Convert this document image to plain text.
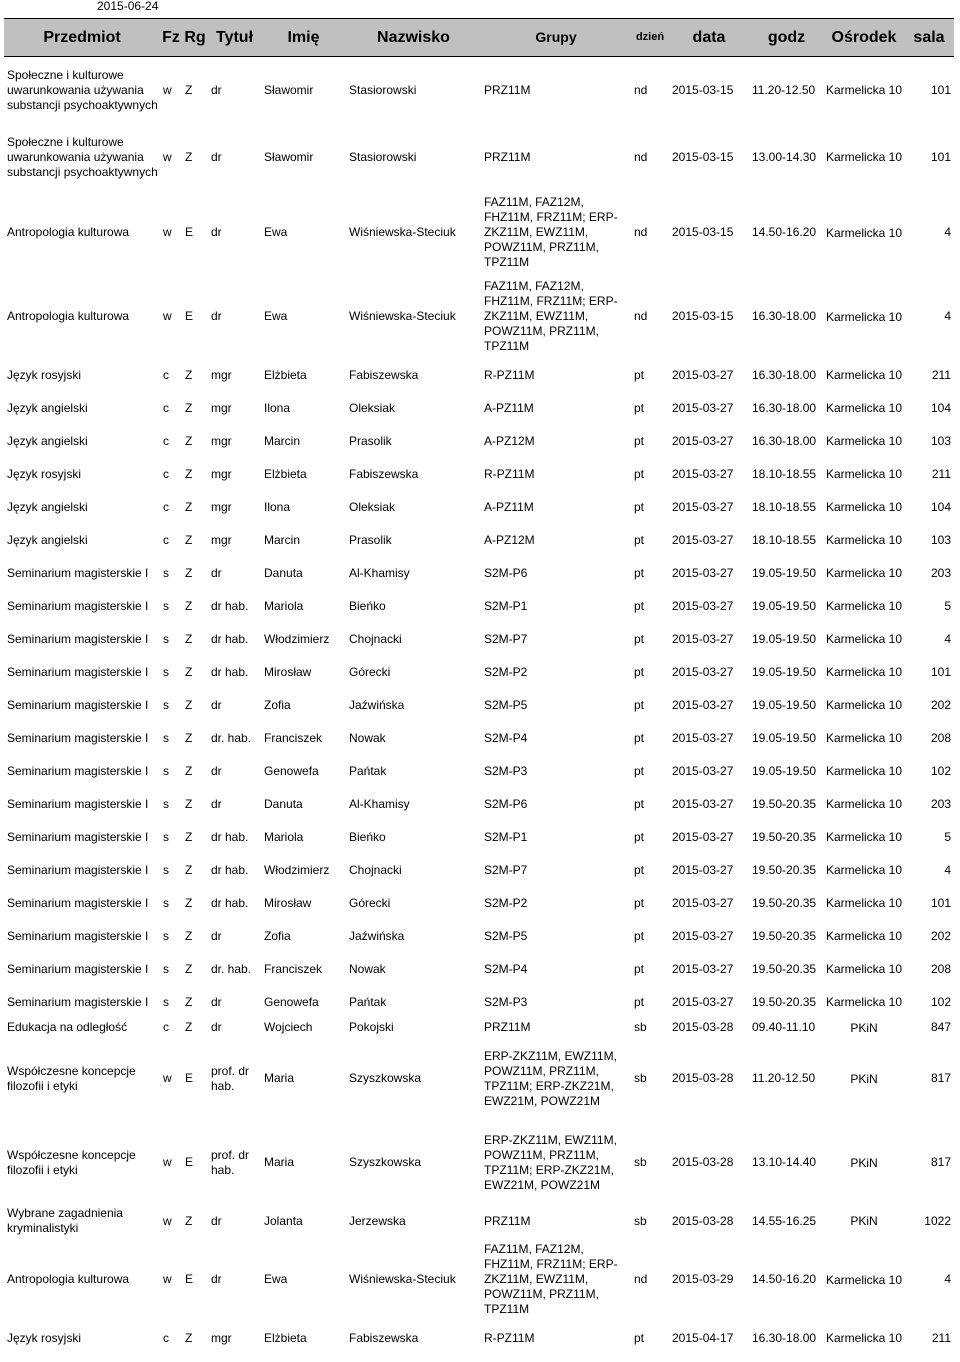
2015-06-24
Przedmiot	Fz	Rg	Tytuł	Imię	Nazwisko	Grupy	dzień	data	godz	Ośrodek	sala
Społeczne i kulturowe uwarunkowania używania substancji psychoaktywnych	w	Z	dr	Sławomir	Stasiorowski	PRZ11M	nd	2015-03-15	11.20-12.50	Karmelicka 10	101
Społeczne i kulturowe uwarunkowania używania substancji psychoaktywnych	w	Z	dr	Sławomir	Stasiorowski	PRZ11M	nd	2015-03-15	13.00-14.30	Karmelicka 10	101
Antropologia kulturowa	w	E	dr	Ewa	Wiśniewska-Steciuk	FAZ11M, FAZ12M, FHZ11M, FRZ11M; ERP-ZKZ11M, EWZ11M, POWZ11M, PRZ11M, TPZ11M	nd	2015-03-15	14.50-16.20	Karmelicka 10	4
Antropologia kulturowa	w	E	dr	Ewa	Wiśniewska-Steciuk	FAZ11M, FAZ12M, FHZ11M, FRZ11M; ERP-ZKZ11M, EWZ11M, POWZ11M, PRZ11M, TPZ11M	nd	2015-03-15	16.30-18.00	Karmelicka 10	4
Język rosyjski	c	Z	mgr	Elżbieta	Fabiszewska	R-PZ11M	pt	2015-03-27	16.30-18.00	Karmelicka 10	211
Język angielski	c	Z	mgr	Ilona	Oleksiak	A-PZ11M	pt	2015-03-27	16.30-18.00	Karmelicka 10	104
Język angielski	c	Z	mgr	Marcin	Prasolik	A-PZ12M	pt	2015-03-27	16.30-18.00	Karmelicka 10	103
Język rosyjski	c	Z	mgr	Elżbieta	Fabiszewska	R-PZ11M	pt	2015-03-27	18.10-18.55	Karmelicka 10	211
Język angielski	c	Z	mgr	Ilona	Oleksiak	A-PZ11M	pt	2015-03-27	18.10-18.55	Karmelicka 10	104
Język angielski	c	Z	mgr	Marcin	Prasolik	A-PZ12M	pt	2015-03-27	18.10-18.55	Karmelicka 10	103
Seminarium magisterskie I	s	Z	dr	Danuta	Al-Khamisy	S2M-P6	pt	2015-03-27	19.05-19.50	Karmelicka 10	203
Seminarium magisterskie I	s	Z	dr hab.	Mariola	Bieńko	S2M-P1	pt	2015-03-27	19.05-19.50	Karmelicka 10	5
Seminarium magisterskie I	s	Z	dr hab.	Włodzimierz	Chojnacki	S2M-P7	pt	2015-03-27	19.05-19.50	Karmelicka 10	4
Seminarium magisterskie I	s	Z	dr hab.	Mirosław	Górecki	S2M-P2	pt	2015-03-27	19.05-19.50	Karmelicka 10	101
Seminarium magisterskie I	s	Z	dr	Zofia	Jaźwińska	S2M-P5	pt	2015-03-27	19.05-19.50	Karmelicka 10	202
Seminarium magisterskie I	s	Z	dr. hab.	Franciszek	Nowak	S2M-P4	pt	2015-03-27	19.05-19.50	Karmelicka 10	208
Seminarium magisterskie I	s	Z	dr	Genowefa	Pańtak	S2M-P3	pt	2015-03-27	19.05-19.50	Karmelicka 10	102
Seminarium magisterskie I	s	Z	dr	Danuta	Al-Khamisy	S2M-P6	pt	2015-03-27	19.50-20.35	Karmelicka 10	203
Seminarium magisterskie I	s	Z	dr hab.	Mariola	Bieńko	S2M-P1	pt	2015-03-27	19.50-20.35	Karmelicka 10	5
Seminarium magisterskie I	s	Z	dr hab.	Włodzimierz	Chojnacki	S2M-P7	pt	2015-03-27	19.50-20.35	Karmelicka 10	4
Seminarium magisterskie I	s	Z	dr hab.	Mirosław	Górecki	S2M-P2	pt	2015-03-27	19.50-20.35	Karmelicka 10	101
Seminarium magisterskie I	s	Z	dr	Zofia	Jaźwińska	S2M-P5	pt	2015-03-27	19.50-20.35	Karmelicka 10	202
Seminarium magisterskie I	s	Z	dr. hab.	Franciszek	Nowak	S2M-P4	pt	2015-03-27	19.50-20.35	Karmelicka 10	208
Seminarium magisterskie I	s	Z	dr	Genowefa	Pańtak	S2M-P3	pt	2015-03-27	19.50-20.35	Karmelicka 10	102
Edukacja na odległość	c	Z	dr	Wojciech	Pokojski	PRZ11M	sb	2015-03-28	09.40-11.10	PKiN	847
Współczesne koncepcje filozofii i etyki	w	E	prof. dr hab.	Maria	Szyszkowska	ERP-ZKZ11M, EWZ11M, POWZ11M, PRZ11M, TPZ11M; ERP-ZKZ21M, EWZ21M, POWZ21M	sb	2015-03-28	11.20-12.50	PKiN	817
Współczesne koncepcje filozofii i etyki	w	E	prof. dr hab.	Maria	Szyszkowska	ERP-ZKZ11M, EWZ11M, POWZ11M, PRZ11M, TPZ11M; ERP-ZKZ21M, EWZ21M, POWZ21M	sb	2015-03-28	13.10-14.40	PKiN	817
Wybrane zagadnienia kryminalistyki	w	Z	dr	Jolanta	Jerzewska	PRZ11M	sb	2015-03-28	14.55-16.25	PKiN	1022
Antropologia kulturowa	w	E	dr	Ewa	Wiśniewska-Steciuk	FAZ11M, FAZ12M, FHZ11M, FRZ11M; ERP-ZKZ11M, EWZ11M, POWZ11M, PRZ11M, TPZ11M	nd	2015-03-29	14.50-16.20	Karmelicka 10	4
Język rosyjski	c	Z	mgr	Elżbieta	Fabiszewska	R-PZ11M	pt	2015-04-17	16.30-18.00	Karmelicka 10	211
